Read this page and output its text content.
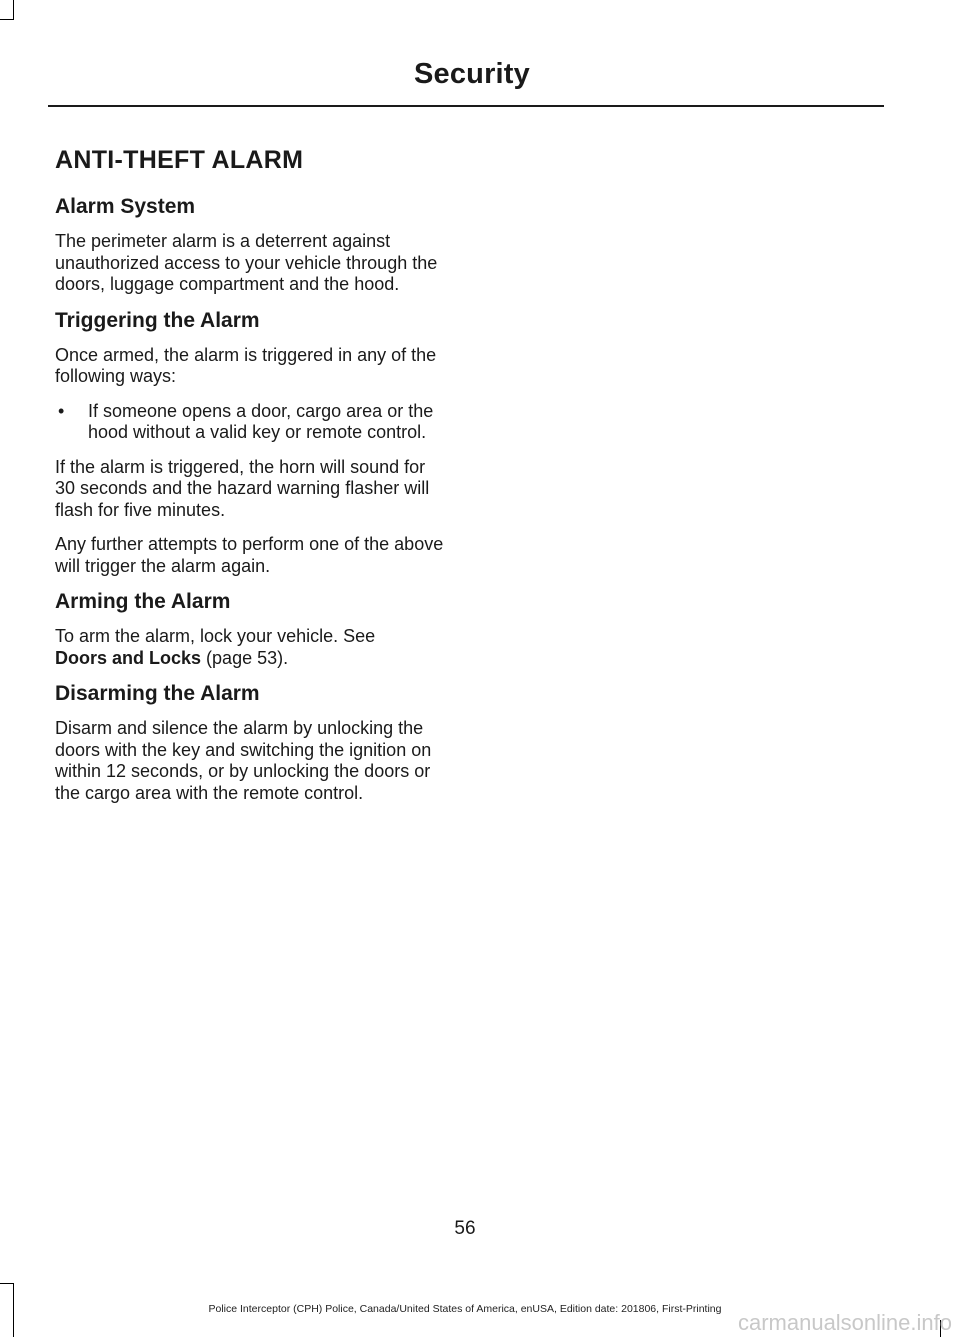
Security
ANTI-THEFT ALARM
Alarm System

The perimeter alarm is a deterrent against unauthorized access to your vehicle through the doors, luggage compartment and the hood.

Triggering the Alarm

Once armed, the alarm is triggered in any of the following ways:

• If someone opens a door, cargo area or the hood without a valid key or remote control.

If the alarm is triggered, the horn will sound for 30 seconds and the hazard warning flasher will flash for five minutes.

Any further attempts to perform one of the above will trigger the alarm again.

Arming the Alarm

To arm the alarm, lock your vehicle. See
Doors and Locks (page 53).

Disarming the Alarm

Disarm and silence the alarm by unlocking the doors with the key and switching the ignition on within 12 seconds, or by unlocking the doors or the cargo area with the remote control.

56
Police Interceptor (CPH) Police, Canada/United States of America, enUSA, Edition date: 201806, First-Printing
carmanualsonline.info
